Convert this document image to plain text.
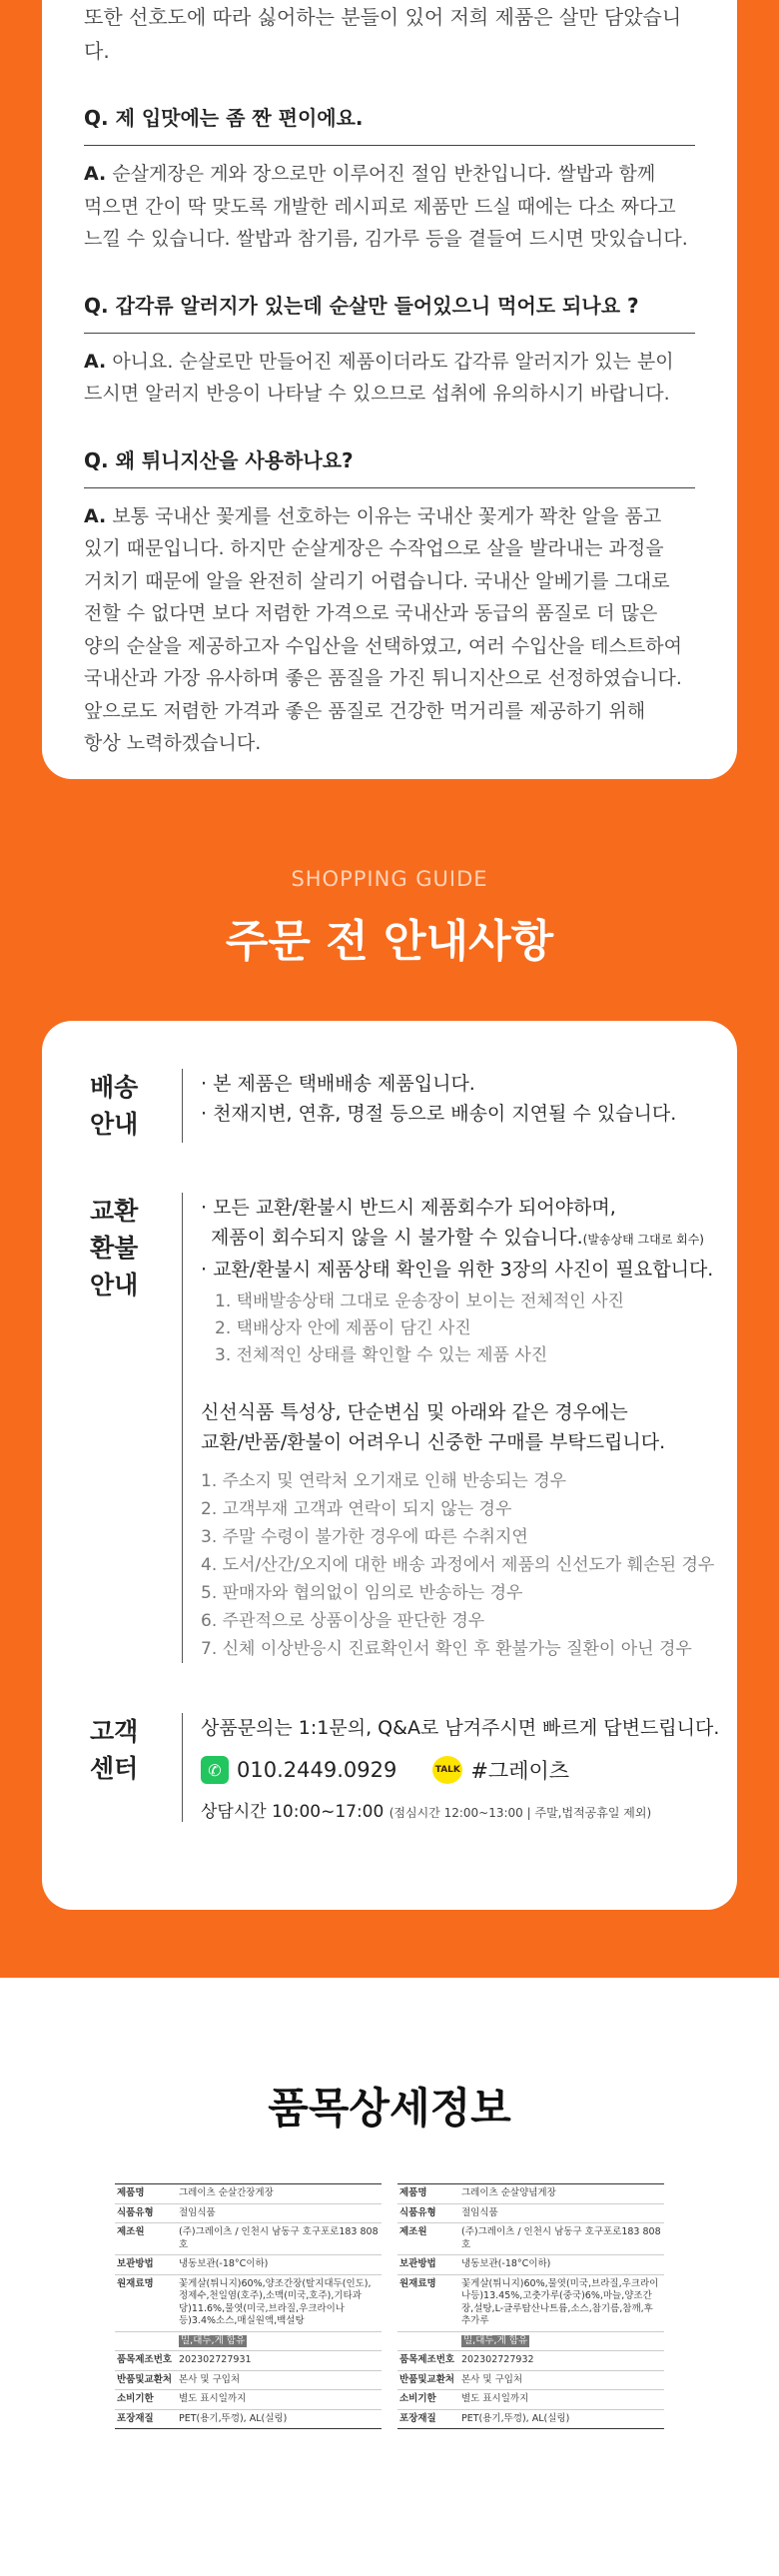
또한 선호도에 따라 싫어하는 분들이 있어 저희 제품은 살만 담았습니다.

Q. 제 입맛에는 좀 짠 편이에요.

A. 순살게장은 게와 장으로만 이루어진 절임 반찬입니다. 쌀밥과 함께
먹으면 간이 딱 맞도록 개발한 레시피로 제품만 드실 때에는 다소 짜다고
느낄 수 있습니다. 쌀밥과 참기름, 김가루 등을 곁들여 드시면 맛있습니다.

Q. 갑각류 알러지가 있는데 순살만 들어있으니 먹어도 되나요 ?

A. 아니요. 순살로만 만들어진 제품이더라도 갑각류 알러지가 있는 분이
드시면 알러지 반응이 나타날 수 있으므로 섭취에 유의하시기 바랍니다.

Q. 왜 튀니지산을 사용하나요?

A. 보통 국내산 꽃게를 선호하는 이유는 국내산 꽃게가 꽉찬 알을 품고
있기 때문입니다. 하지만 순살게장은 수작업으로 살을 발라내는 과정을
거치기 때문에 알을 완전히 살리기 어렵습니다. 국내산 알베기를 그대로
전할 수 없다면 보다 저렴한 가격으로 국내산과 동급의 품질로 더 많은
양의 순살을 제공하고자 수입산을 선택하였고, 여러 수입산을 테스트하여
국내산과 가장 유사하며 좋은 품질을 가진 튀니지산으로 선정하였습니다.
앞으로도 저렴한 가격과 좋은 품질로 건강한 먹거리를 제공하기 위해
항상 노력하겠습니다.

SHOPPING GUIDE
주문 전 안내사항
배송
안내
· 본 제품은 택배배송 제품입니다.
· 천재지변, 연휴, 명절 등으로 배송이 지연될 수 있습니다.
교환
환불
안내
· 모든 교환/환불시 반드시 제품회수가 되어야하며,
제품이 회수되지 않을 시 불가할 수 있습니다.(발송상태 그대로 회수)
· 교환/환불시 제품상태 확인을 위한 3장의 사진이 필요합니다.
1. 택배발송상태 그대로 운송장이 보이는 전체적인 사진
2. 택배상자 안에 제품이 담긴 사진
3. 전체적인 상태를 확인할 수 있는 제품 사진
신선식품 특성상, 단순변심 및 아래와 같은 경우에는
교환/반품/환불이 어려우니 신중한 구매를 부탁드립니다.
1. 주소지 및 연락처 오기재로 인해 반송되는 경우
2. 고객부재 고객과 연락이 되지 않는 경우
3. 주말 수령이 불가한 경우에 따른 수취지연
4. 도서/산간/오지에 대한 배송 과정에서 제품의 신선도가 훼손된 경우
5. 판매자와 협의없이 임의로 반송하는 경우
6. 주관적으로 상품이상을 판단한 경우
7. 신체 이상반응시 진료확인서 확인 후 환불가능 질환이 아닌 경우
고객
센터
상품문의는 1:1문의, Q&A로 남겨주시면 빠르게 답변드립니다.
✆ 010.2449.0929	TALK #그레이츠
상담시간 10:00~17:00 (점심시간 12:00~13:00 | 주말,법적공휴일 제외)
품목상세정보
제품명	그레이츠 순살간장게장
식품유형	절임식품
제조원	(주)그레이츠 / 인천시 남동구 호구포로183 808호
보관방법	냉동보관(-18°C이하)
원재료명	꽃게살(튀니지)60%,양조간장(탈지대두(인도),정제수,천일염(호주),소맥(미국,호주),기타과당)11.6%,물엿(미국,브라질,우크라이나 등)3.4%소스,매실원액,백설탕
	밀,대두,게 함유
품목제조번호	202302727931
반품및교환처	본사 및 구입처
소비기한	별도 표시일까지
포장재질	PET(용기,뚜껑), AL(실링)
제품명	그레이츠 순살양념게장
식품유형	절임식품
제조원	(주)그레이츠 / 인천시 남동구 호구포로183 808호
보관방법	냉동보관(-18°C이하)
원재료명	꽃게살(튀니지)60%,물엿(미국,브라질,우크라이나등)13.45%,고춧가루(중국)6%,마늘,양조간장,설탕,L-글루탐산나트륨,소스,참기름,참깨,후추가루
	밀,대두,게 함유
품목제조번호	202302727932
반품및교환처	본사 및 구입처
소비기한	별도 표시일까지
포장재질	PET(용기,뚜껑), AL(실링)
